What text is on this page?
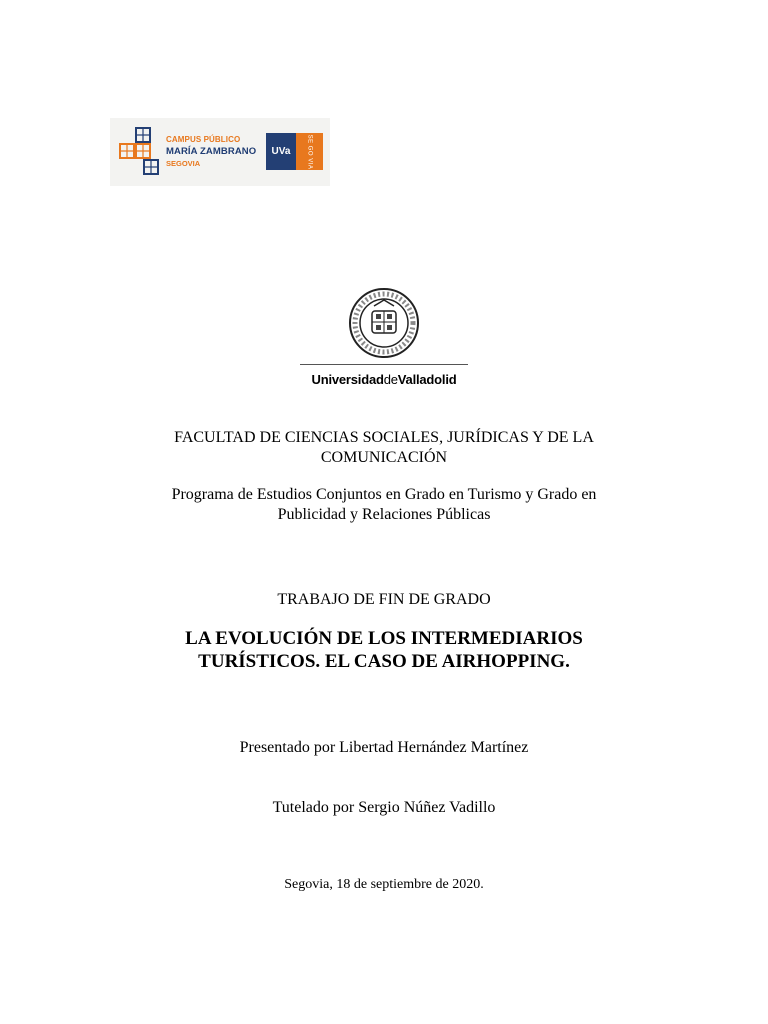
CAMPUS PÚBLICO
MARÍA ZAMBRANO
SEGOVIA
UVa	SE GO VIA
UniversidaddeValladolid
FACULTAD DE CIENCIAS SOCIALES, JURÍDICAS Y DE LA
COMUNICACIÓN
Programa de Estudios Conjuntos en Grado en Turismo y Grado en
Publicidad y Relaciones Públicas
TRABAJO DE FIN DE GRADO
LA EVOLUCIÓN DE LOS INTERMEDIARIOS
TURÍSTICOS. EL CASO DE AIRHOPPING.
Presentado por Libertad Hernández Martínez
Tutelado por Sergio Núñez Vadillo
Segovia, 18 de septiembre de 2020.
